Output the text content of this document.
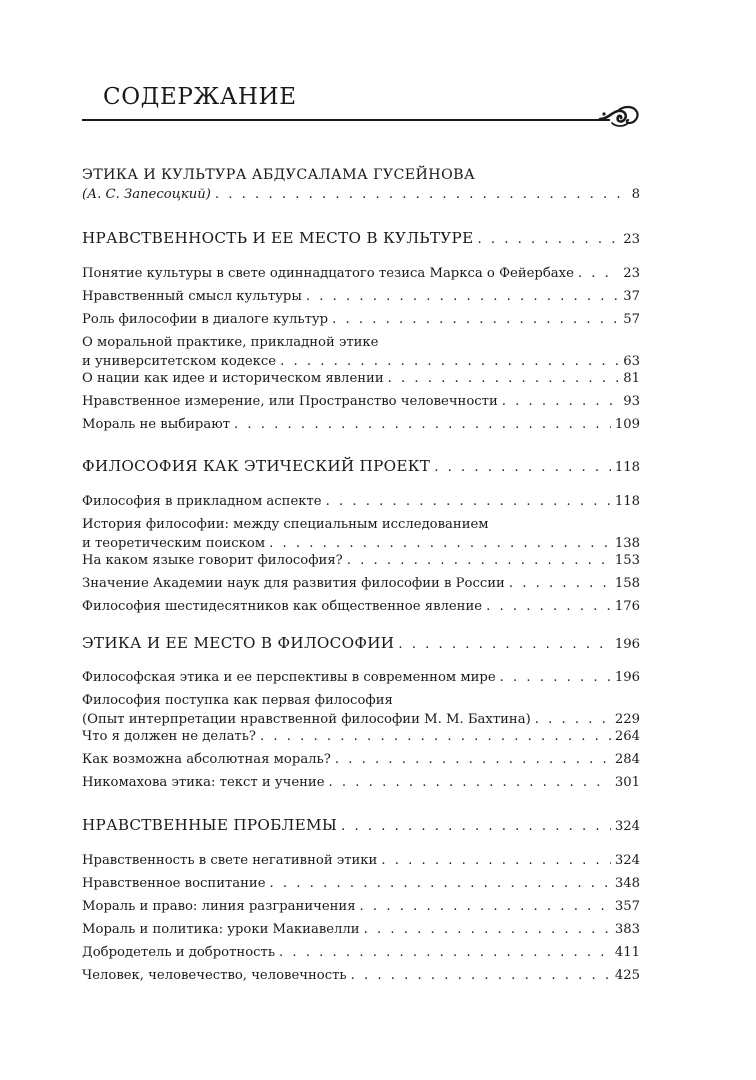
СОДЕРЖАНИЕ
ЭТИКА И КУЛЬТУРА АБДУСАЛАМА ГУСЕЙНОВА
(А. С. Запесоцкий) . . .	8
НРАВСТВЕННОСТЬ И ЕЕ МЕСТО В КУЛЬТУРЕ . . .	23
Понятие культуры в свете одиннадцатого тезиса Маркса о Фейербахе . . .	23
Нравственный смысл культуры . . .	37
Роль философии в диалоге культур . . .	57
О моральной практике, прикладной этике
и университетском кодексе . . .	63
О нации как идее и историческом явлении . . .	81
Нравственное измерение, или Пространство человечности . . .	93
Мораль не выбирают . . .	109
ФИЛОСОФИЯ КАК ЭТИЧЕСКИЙ ПРОЕКТ . . .	118
Философия в прикладном аспекте . . .	118
История философии: между специальным исследованием
и теоретическим поиском . . .	138
На каком языке говорит философия? . . .	153
Значение Академии наук для развития философии в России . . .	158
Философия шестидесятников как общественное явление . . .	176
ЭТИКА И ЕЕ МЕСТО В ФИЛОСОФИИ . . .	196
Философская этика и ее перспективы в современном мире . . .	196
Философия поступка как первая философия
(Опыт интерпретации нравственной философии М. М. Бахтина) . . .	229
Что я должен не делать? . . .	264
Как возможна абсолютная мораль? . . .	284
Никомахова этика: текст и учение . . .	301
НРАВСТВЕННЫЕ ПРОБЛЕМЫ . . .	324
Нравственность в свете негативной этики . . .	324
Нравственное воспитание . . .	348
Мораль и право: линия разграничения . . .	357
Мораль и политика: уроки Макиавелли . . .	383
Добродетель и добротность . . .	411
Человек, человечество, человечность . . .	425
